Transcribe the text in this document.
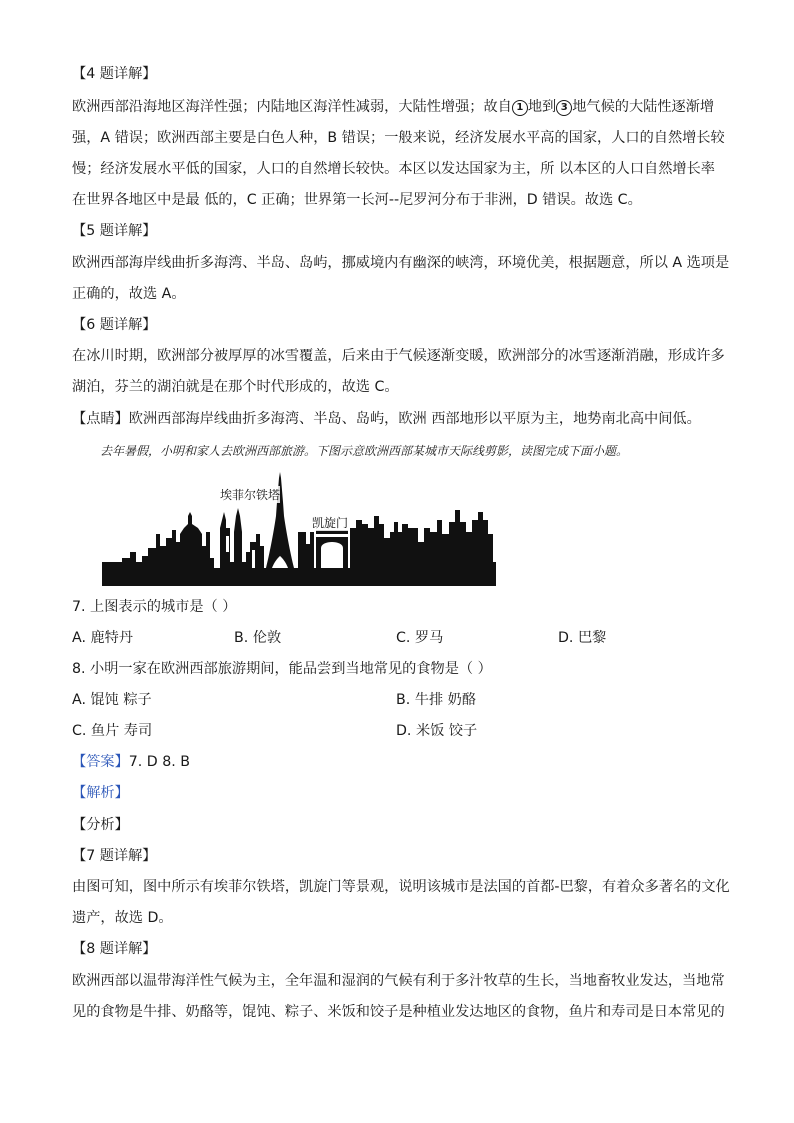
【4 题详解】
欧洲西部沿海地区海洋性强；内陆地区海洋性减弱，大陆性增强；故自 1 地到 3 地气候的大陆性逐渐增
强，A 错误；欧洲西部主要是白色人种，B 错误；一般来说，经济发展水平高的国家，人口的自然增长较
慢；经济发展水平低的国家，人口的自然增长较快。本区以发达国家为主，所 以本区的人口自然增长率
在世界各地区中是最 低的，C 正确；世界第一长河--尼罗河分布于非洲，D 错误。故选 C。
【5 题详解】
欧洲西部海岸线曲折多海湾、半岛、岛屿，挪威境内有幽深的峡湾，环境优美，根据题意，所以 A 选项是
正确的，故选 A。
【6 题详解】
在冰川时期，欧洲部分被厚厚的冰雪覆盖，后来由于气候逐渐变暖，欧洲部分的冰雪逐渐消融，形成许多
湖泊，芬兰的湖泊就是在那个时代形成的，故选 C。
【点睛】欧洲西部海岸线曲折多海湾、半岛、岛屿，欧洲 西部地形以平原为主，地势南北高中间低。
去年暑假，小明和家人去欧洲西部旅游。下图示意欧洲西部某城市天际线剪影，读图完成下面小题。
埃菲尔铁塔
凯旋门
7. 上图表示的城市是（ ）
A. 鹿特丹	B. 伦敦	C. 罗马	D. 巴黎
8. 小明一家在欧洲西部旅游期间，能品尝到当地常见的食物是（ ）
A. 馄饨 粽子	B. 牛排 奶酪
C. 鱼片 寿司	D. 米饭 饺子
【答案】7. D 8. B
【解析】
【分析】
【7 题详解】
由图可知，图中所示有埃菲尔铁塔，凯旋门等景观，说明该城市是法国的首都-巴黎，有着众多著名的文化
遗产，故选 D。
【8 题详解】
欧洲西部以温带海洋性气候为主，全年温和湿润的气候有利于多汁牧草的生长，当地畜牧业发达，当地常
见的食物是牛排、奶酪等，馄饨、粽子、米饭和饺子是种植业发达地区的食物，鱼片和寿司是日本常见的
